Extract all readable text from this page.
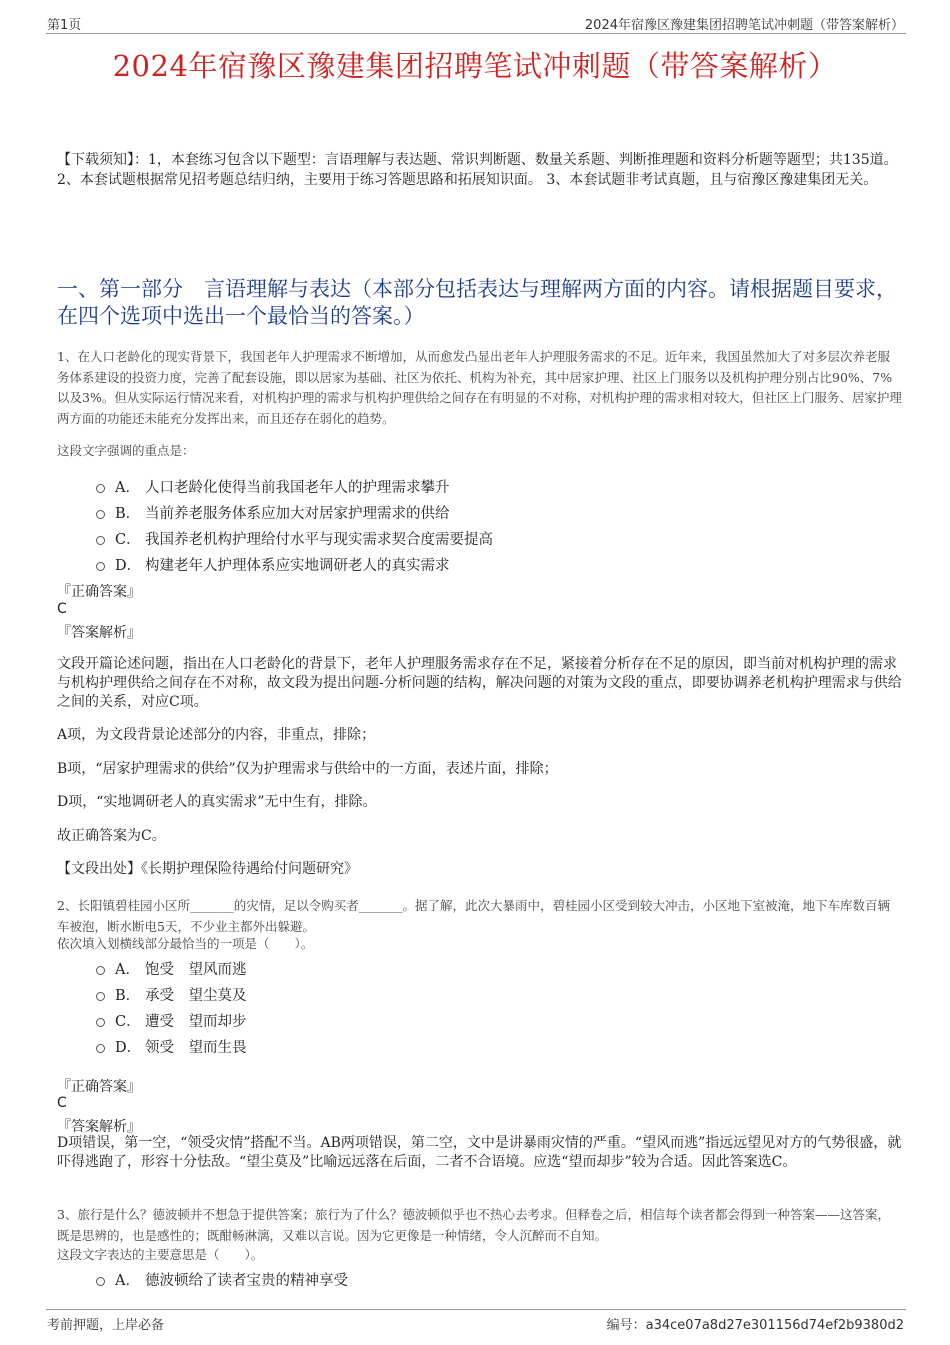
第1页	2024年宿豫区豫建集团招聘笔试冲刺题（带答案解析）
2024年宿豫区豫建集团招聘笔试冲刺题（带答案解析）
【下载须知】：1，本套练习包含以下题型：言语理解与表达题、常识判断题、数量关系题、判断推理题和资料分析题等题型；共135道。 2、本套试题根据常见招考题总结归纳，主要用于练习答题思路和拓展知识面。 3、本套试题非考试真题，且与宿豫区豫建集团无关。
一、第一部分　言语理解与表达（本部分包括表达与理解两方面的内容。请根据题目要求，在四个选项中选出一个最恰当的答案。）
1、在人口老龄化的现实背景下，我国老年人护理需求不断增加，从而愈发凸显出老年人护理服务需求的不足。近年来，我国虽然加大了对多层次养老服务体系建设的投资力度，完善了配套设施，即以居家为基础、社区为依托、机构为补充，其中居家护理、社区上门服务以及机构护理分别占比90%、7%以及3%。但从实际运行情况来看，对机构护理的需求与机构护理供给之间存在有明显的不对称，对机构护理的需求相对较大，但社区上门服务、居家护理两方面的功能还未能充分发挥出来，而且还存在弱化的趋势。
这段文字强调的重点是：
A． 人口老龄化使得当前我国老年人的护理需求攀升
B． 当前养老服务体系应加大对居家护理需求的供给
C． 我国养老机构护理给付水平与现实需求契合度需要提高
D． 构建老年人护理体系应实地调研老人的真实需求
『正确答案』
C
『答案解析』
文段开篇论述问题，指出在人口老龄化的背景下，老年人护理服务需求存在不足，紧接着分析存在不足的原因，即当前对机构护理的需求与机构护理供给之间存在不对称，故文段为提出问题-分析问题的结构，解决问题的对策为文段的重点，即要协调养老机构护理需求与供给之间的关系，对应C项。
A项，为文段背景论述部分的内容，非重点，排除；
B项，“居家护理需求的供给”仅为护理需求与供给中的一方面，表述片面，排除；
D项，“实地调研老人的真实需求”无中生有，排除。
故正确答案为C。
【文段出处】《长期护理保险待遇给付问题研究》
2、长阳镇碧桂园小区所_______的灾情，足以令购买者_______。据了解，此次大暴雨中，碧桂园小区受到较大冲击，小区地下室被淹，地下车库数百辆车被泡，断水断电5天，不少业主都外出躲避。
依次填入划横线部分最恰当的一项是（　　）。
A． 饱受　望风而逃
B． 承受　望尘莫及
C． 遭受　望而却步
D． 领受　望而生畏
『正确答案』
C
『答案解析』
D项错误，第一空，“领受灾情”搭配不当。AB两项错误，第二空，文中是讲暴雨灾情的严重。“望风而逃”指远远望见对方的气势很盛，就吓得逃跑了，形容十分怯敌。“望尘莫及”比喻远远落在后面，二者不合语境。应选“望而却步”较为合适。因此答案选C。
3、旅行是什么？德波顿并不想急于提供答案；旅行为了什么？德波顿似乎也不热心去考求。但释卷之后，相信每个读者都会得到一种答案——这答案，既是思辨的，也是感性的；既酣畅淋漓，又难以言说。因为它更像是一种情绪，令人沉醉而不自知。
这段文字表达的主要意思是（　　）。
A． 德波顿给了读者宝贵的精神享受
考前押题，上岸必备	编号：a34ce07a8d27e301156d74ef2b9380d2
